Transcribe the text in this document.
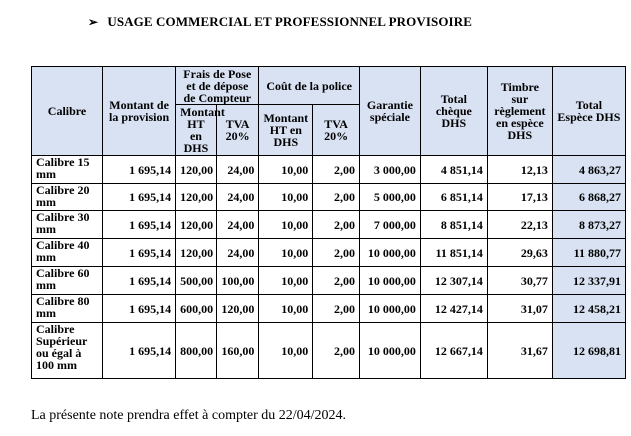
➢ USAGE COMMERCIAL ET PROFESSIONNEL PROVISOIRE
Calibre	Montant de la provision	Frais de Pose et de dépose de Compteur		Coût de la police		Garantie spéciale	Total chèque DHS	Timbre sur règlement en espèce DHS	Total Espèce DHS
		Montant HT en DHS	TVA 20%	Montant HT en DHS	TVA 20%				
Calibre 15 mm	1 695,14	120,00	24,00	10,00	2,00	3 000,00	4 851,14	12,13	4 863,27
Calibre 20 mm	1 695,14	120,00	24,00	10,00	2,00	5 000,00	6 851,14	17,13	6 868,27
Calibre 30 mm	1 695,14	120,00	24,00	10,00	2,00	7 000,00	8 851,14	22,13	8 873,27
Calibre 40 mm	1 695,14	120,00	24,00	10,00	2,00	10 000,00	11 851,14	29,63	11 880,77
Calibre 60 mm	1 695,14	500,00	100,00	10,00	2,00	10 000,00	12 307,14	30,77	12 337,91
Calibre 80 mm	1 695,14	600,00	120,00	10,00	2,00	10 000,00	12 427,14	31,07	12 458,21
Calibre Supérieur ou égal à 100 mm	1 695,14	800,00	160,00	10,00	2,00	10 000,00	12 667,14	31,67	12 698,81
La présente note prendra effet à compter du 22/04/2024.
